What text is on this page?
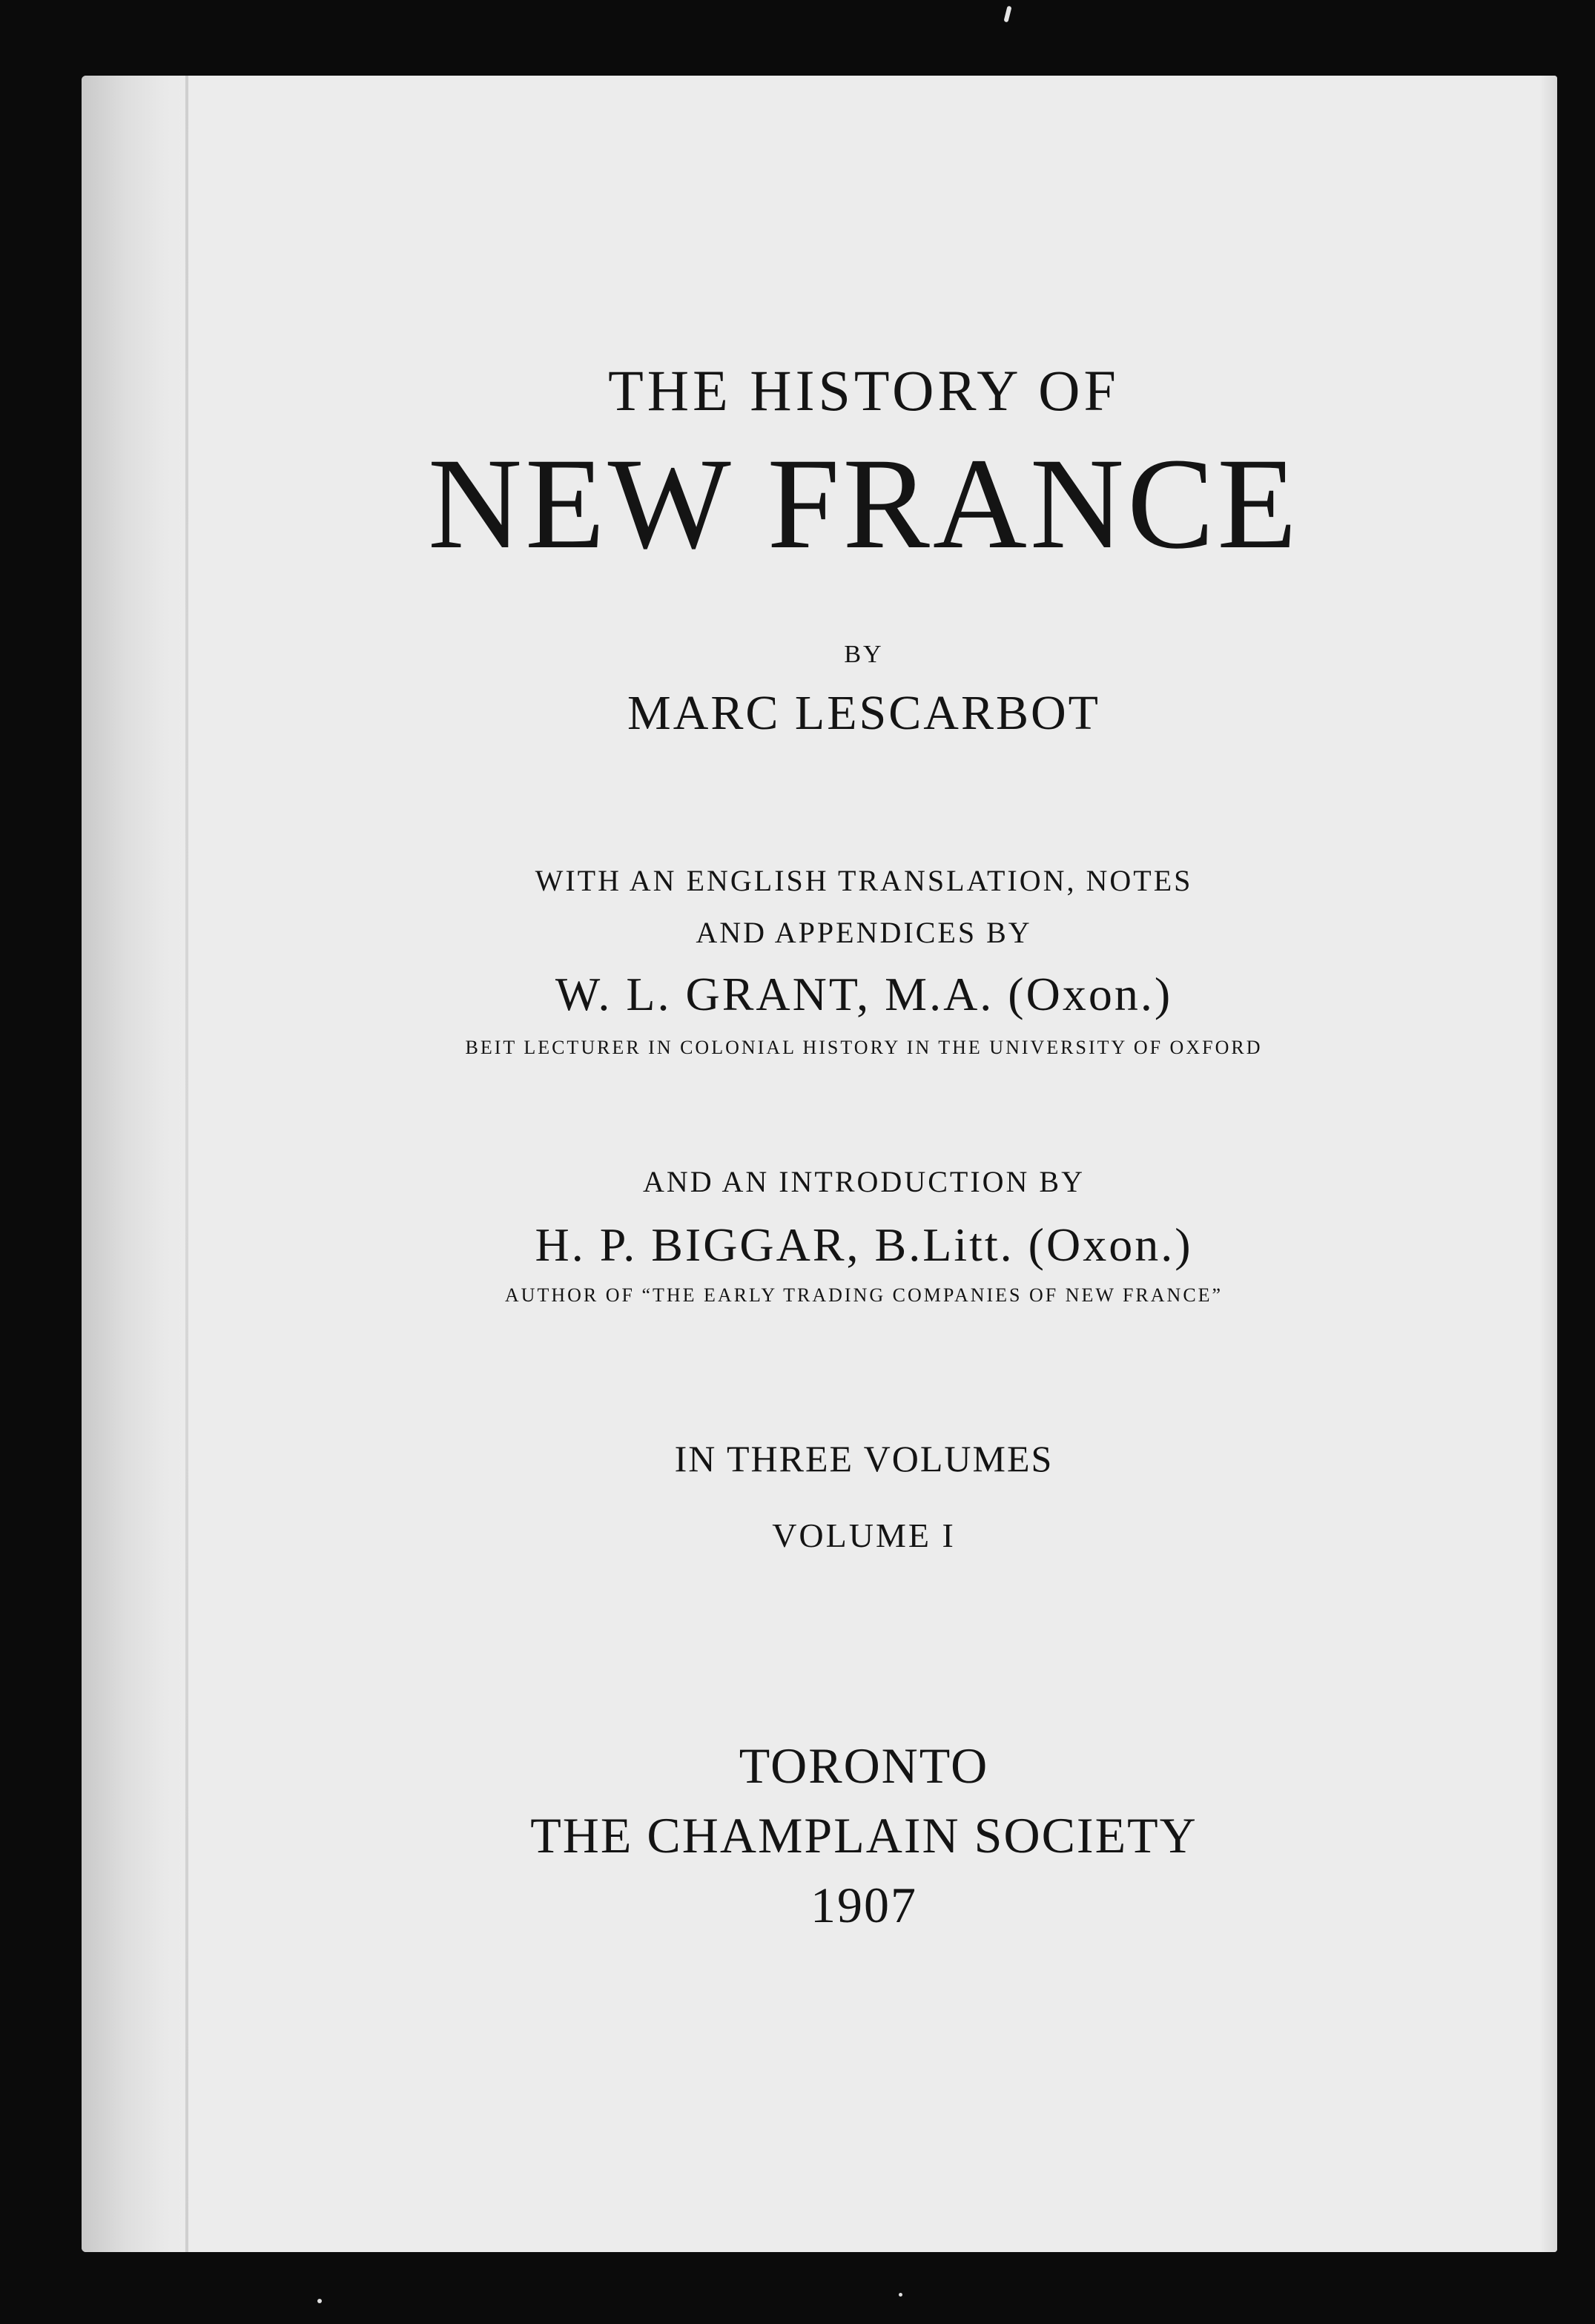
THE HISTORY OF
NEW FRANCE
BY
MARC LESCARBOT
WITH AN ENGLISH TRANSLATION, NOTES
AND APPENDICES BY
W. L. GRANT, M.A. (Oxon.)
BEIT LECTURER IN COLONIAL HISTORY IN THE UNIVERSITY OF OXFORD
AND AN INTRODUCTION BY
H. P. BIGGAR, B.Litt. (Oxon.)
AUTHOR OF “THE EARLY TRADING COMPANIES OF NEW FRANCE”
IN THREE VOLUMES
VOLUME I
TORONTO
THE CHAMPLAIN SOCIETY
1907
